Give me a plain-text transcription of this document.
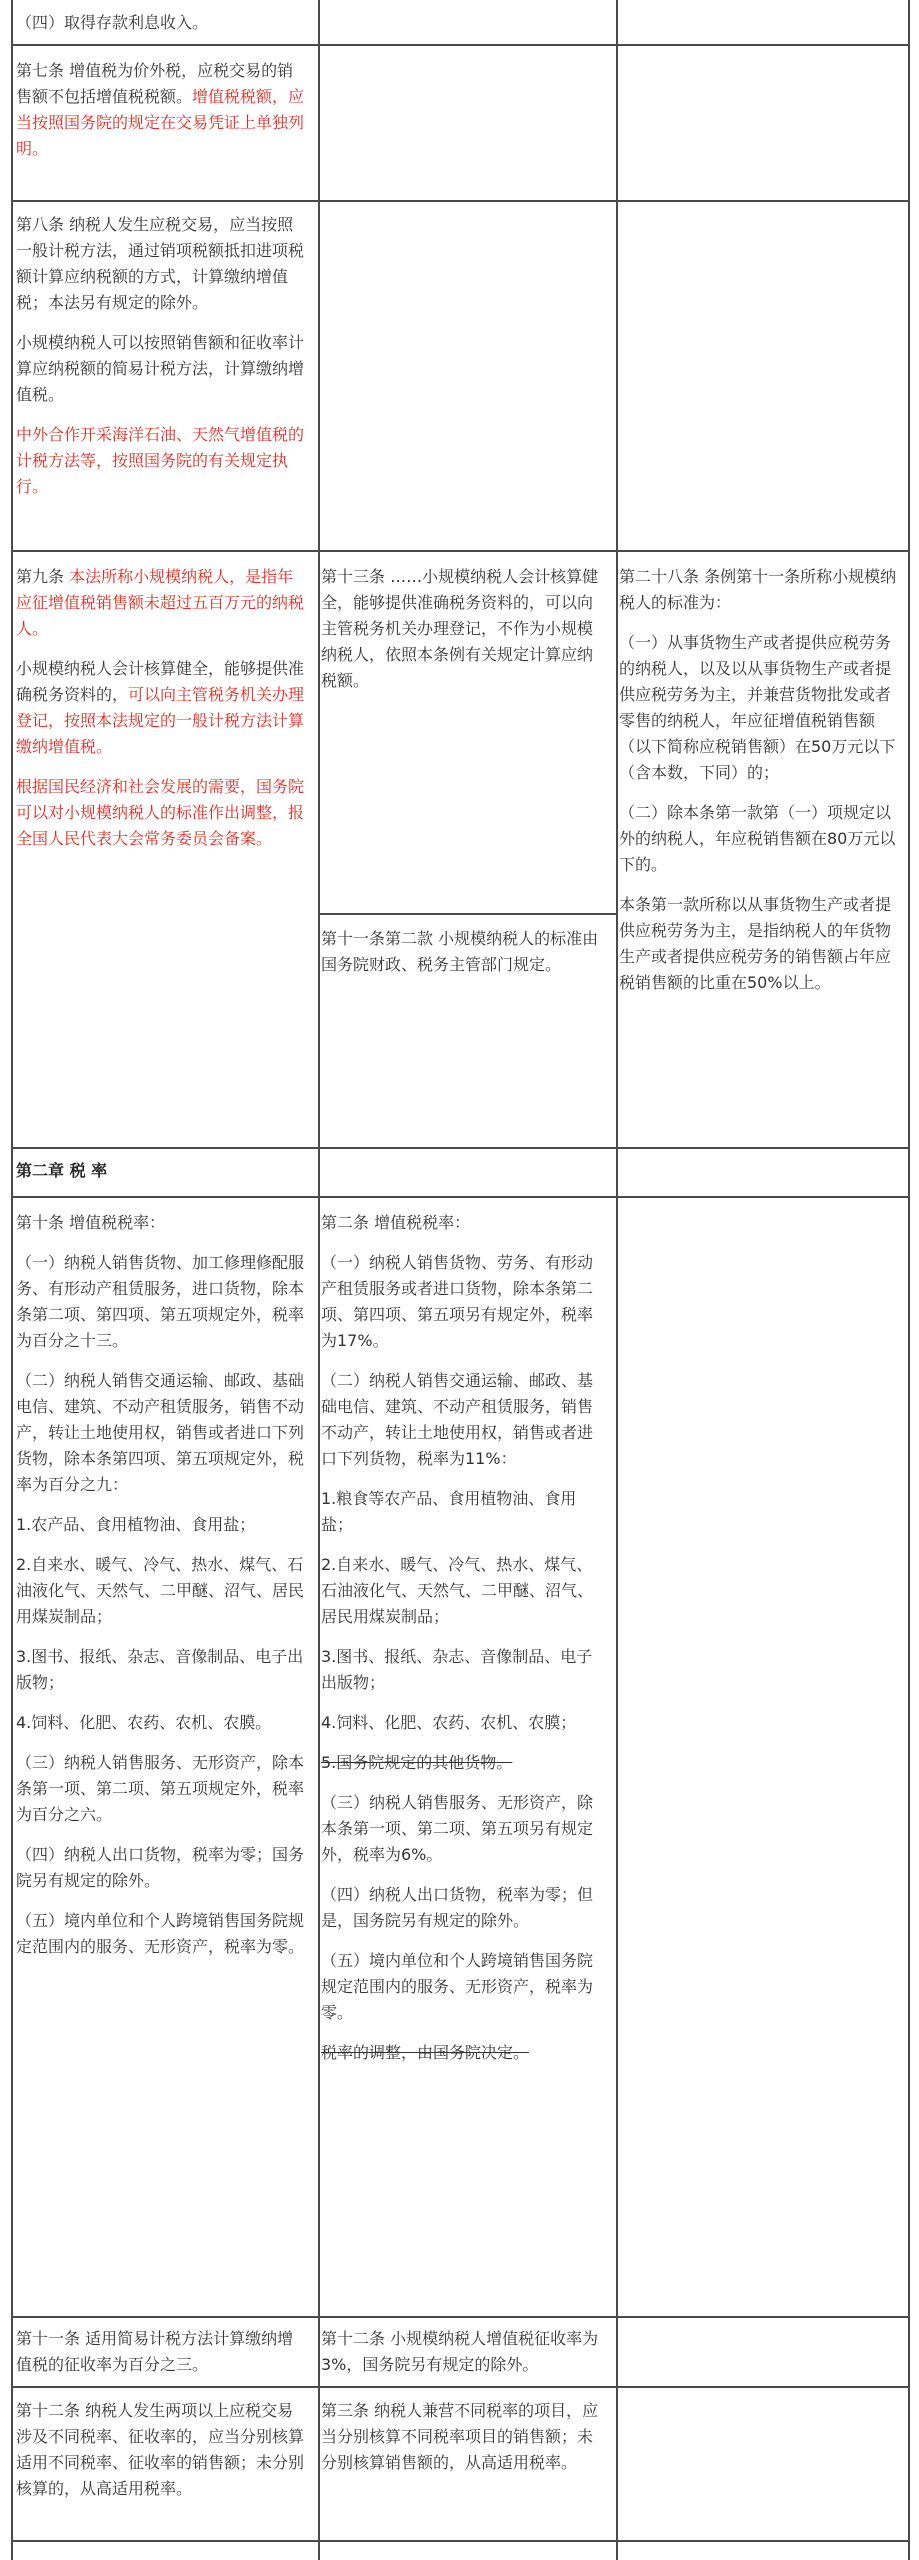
（四）取得存款利息收入。

第七条 增值税为价外税，应税交易的销售额不包括增值税税额。增值税税额，应当按照国务院的规定在交易凭证上单独列明。

第八条 纳税人发生应税交易，应当按照一般计税方法，通过销项税额抵扣进项税额计算应纳税额的方式，计算缴纳增值税；本法另有规定的除外。

小规模纳税人可以按照销售额和征收率计算应纳税额的简易计税方法，计算缴纳增值税。

中外合作开采海洋石油、天然气增值税的计税方法等，按照国务院的有关规定执行。

第九条 本法所称小规模纳税人，是指年应征增值税销售额未超过五百万元的纳税人。

小规模纳税人会计核算健全，能够提供准确税务资料的，可以向主管税务机关办理登记，按照本法规定的一般计税方法计算缴纳增值税。

根据国民经济和社会发展的需要，国务院可以对小规模纳税人的标准作出调整，报全国人民代表大会常务委员会备案。

第十三条 ……小规模纳税人会计核算健全，能够提供准确税务资料的，可以向主管税务机关办理登记，不作为小规模纳税人，依照本条例有关规定计算应纳税额。

第十一条第二款 小规模纳税人的标准由国务院财政、税务主管部门规定。

第二十八条 条例第十一条所称小规模纳税人的标准为：

（一）从事货物生产或者提供应税劳务的纳税人，以及以从事货物生产或者提供应税劳务为主，并兼营货物批发或者零售的纳税人，年应征增值税销售额（以下简称应税销售额）在50万元以下（含本数，下同）的；

（二）除本条第一款第（一）项规定以外的纳税人，年应税销售额在80万元以下的。

本条第一款所称以从事货物生产或者提供应税劳务为主，是指纳税人的年货物生产或者提供应税劳务的销售额占年应税销售额的比重在50%以上。

第二章 税 率

第十条 增值税税率：

（一）纳税人销售货物、加工修理修配服务、有形动产租赁服务，进口货物，除本条第二项、第四项、第五项规定外，税率为百分之十三。

（二）纳税人销售交通运输、邮政、基础电信、建筑、不动产租赁服务，销售不动产，转让土地使用权，销售或者进口下列货物，除本条第四项、第五项规定外，税率为百分之九：

1.农产品、食用植物油、食用盐；

2.自来水、暖气、冷气、热水、煤气、石油液化气、天然气、二甲醚、沼气、居民用煤炭制品；

3.图书、报纸、杂志、音像制品、电子出版物；

4.饲料、化肥、农药、农机、农膜。

（三）纳税人销售服务、无形资产，除本条第一项、第二项、第五项规定外，税率为百分之六。

（四）纳税人出口货物，税率为零；国务院另有规定的除外。

（五）境内单位和个人跨境销售国务院规定范围内的服务、无形资产，税率为零。

第二条 增值税税率：

（一）纳税人销售货物、劳务、有形动产租赁服务或者进口货物，除本条第二项、第四项、第五项另有规定外，税率为17%。

（二）纳税人销售交通运输、邮政、基础电信、建筑、不动产租赁服务，销售不动产，转让土地使用权，销售或者进口下列货物，税率为11%：

1.粮食等农产品、食用植物油、食用盐；

2.自来水、暖气、冷气、热水、煤气、石油液化气、天然气、二甲醚、沼气、居民用煤炭制品；

3.图书、报纸、杂志、音像制品、电子出版物；

4.饲料、化肥、农药、农机、农膜；

5.国务院规定的其他货物。

（三）纳税人销售服务、无形资产，除本条第一项、第二项、第五项另有规定外，税率为6%。

（四）纳税人出口货物，税率为零；但是，国务院另有规定的除外。

（五）境内单位和个人跨境销售国务院规定范围内的服务、无形资产，税率为零。

税率的调整，由国务院决定。

第十一条 适用简易计税方法计算缴纳增值税的征收率为百分之三。

第十二条 小规模纳税人增值税征收率为3%，国务院另有规定的除外。

第十二条 纳税人发生两项以上应税交易涉及不同税率、征收率的，应当分别核算适用不同税率、征收率的销售额；未分别核算的，从高适用税率。

第三条 纳税人兼营不同税率的项目，应当分别核算不同税率项目的销售额；未分别核算销售额的，从高适用税率。
